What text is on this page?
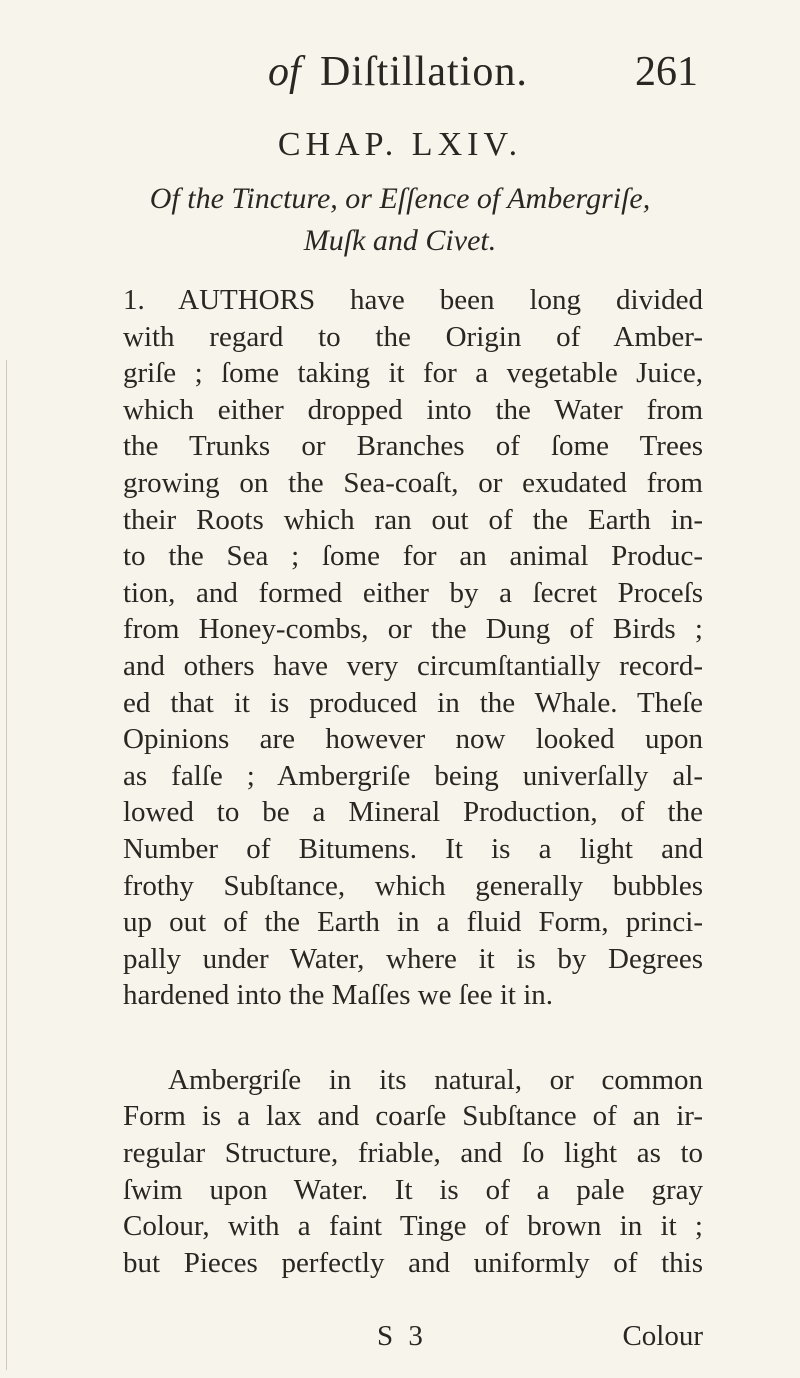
of Diſtillation.	261
CHAP. LXIV.
Of the Tincture, or Eſſence of Ambergriſe,
Muſk and Civet.
1. AUTHORS have been long divided
with regard to the Origin of Amber-
griſe ; ſome taking it for a vegetable Juice,
which either dropped into the Water from
the Trunks or Branches of ſome Trees
growing on the Sea-coaſt, or exudated from
their Roots which ran out of the Earth in-
to the Sea ; ſome for an animal Produc-
tion, and formed either by a ſecret Proceſs
from Honey-combs, or the Dung of Birds ;
and others have very circumſtantially record-
ed that it is produced in the Whale. Theſe
Opinions are however now looked upon
as falſe ; Ambergriſe being univerſally al-
lowed to be a Mineral Production, of the
Number of Bitumens. It is a light and
frothy Subſtance, which generally bubbles
up out of the Earth in a fluid Form, princi-
pally under Water, where it is by Degrees
hardened into the Maſſes we ſee it in.
Ambergriſe in its natural, or common
Form is a lax and coarſe Subſtance of an ir-
regular Structure, friable, and ſo light as to
ſwim upon Water. It is of a pale gray
Colour, with a faint Tinge of brown in it ;
but Pieces perfectly and uniformly of this
S 3	Colour
